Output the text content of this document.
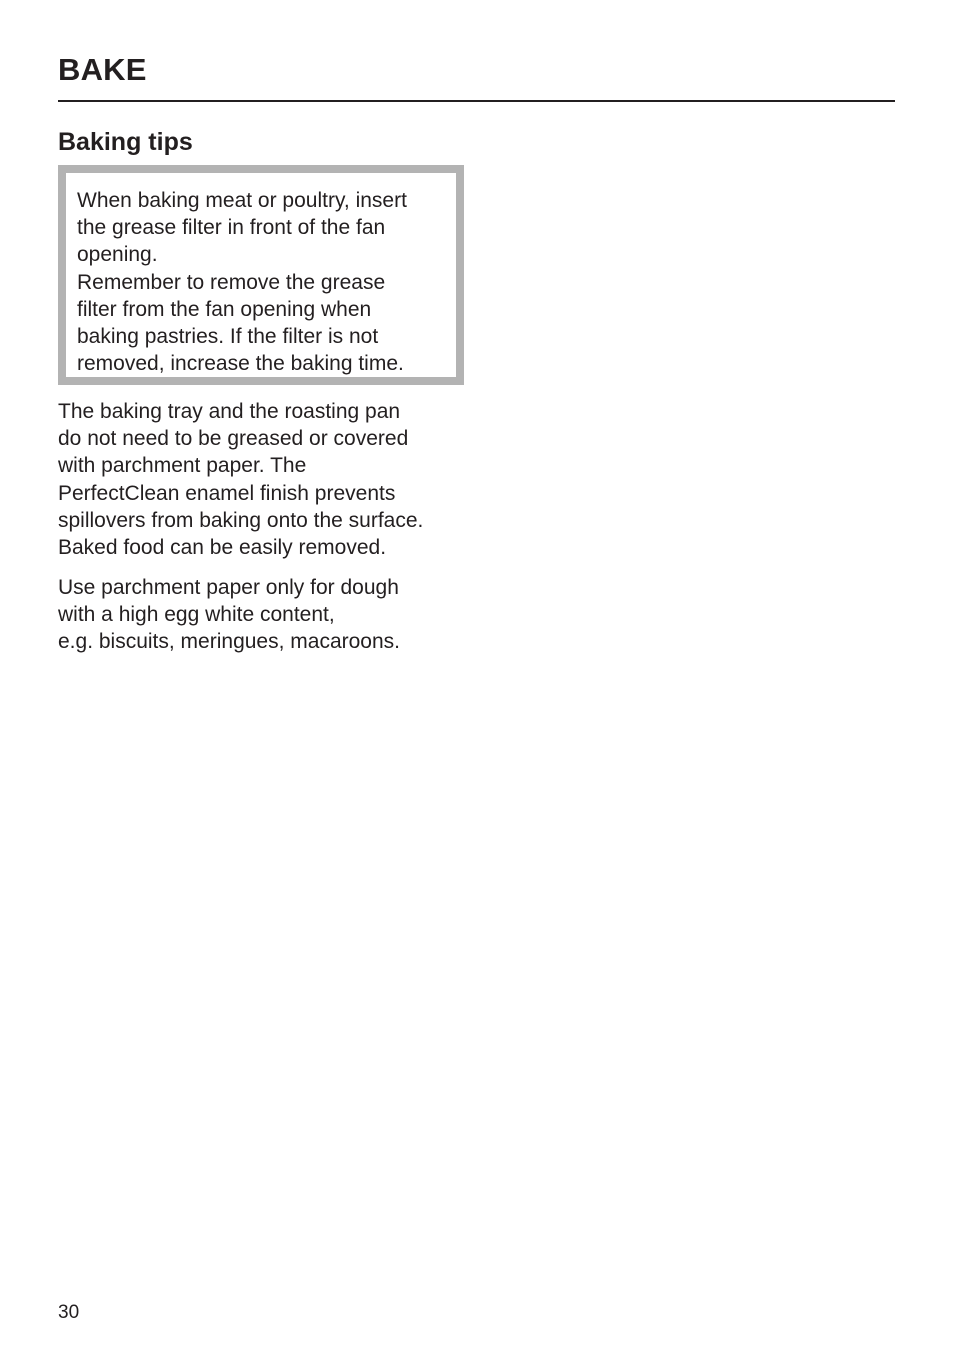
BAKE
Baking tips

When baking meat or poultry, insert
the grease filter in front of the fan
opening.
Remember to remove the grease
filter from the fan opening when
baking pastries. If the filter is not
removed, increase the baking time.

The baking tray and the roasting pan
do not need to be greased or covered
with parchment paper. The
PerfectClean enamel finish prevents
spillovers from baking onto the surface.
Baked food can be easily removed.

Use parchment paper only for dough
with a high egg white content,
e.g. biscuits, meringues, macaroons.

30
